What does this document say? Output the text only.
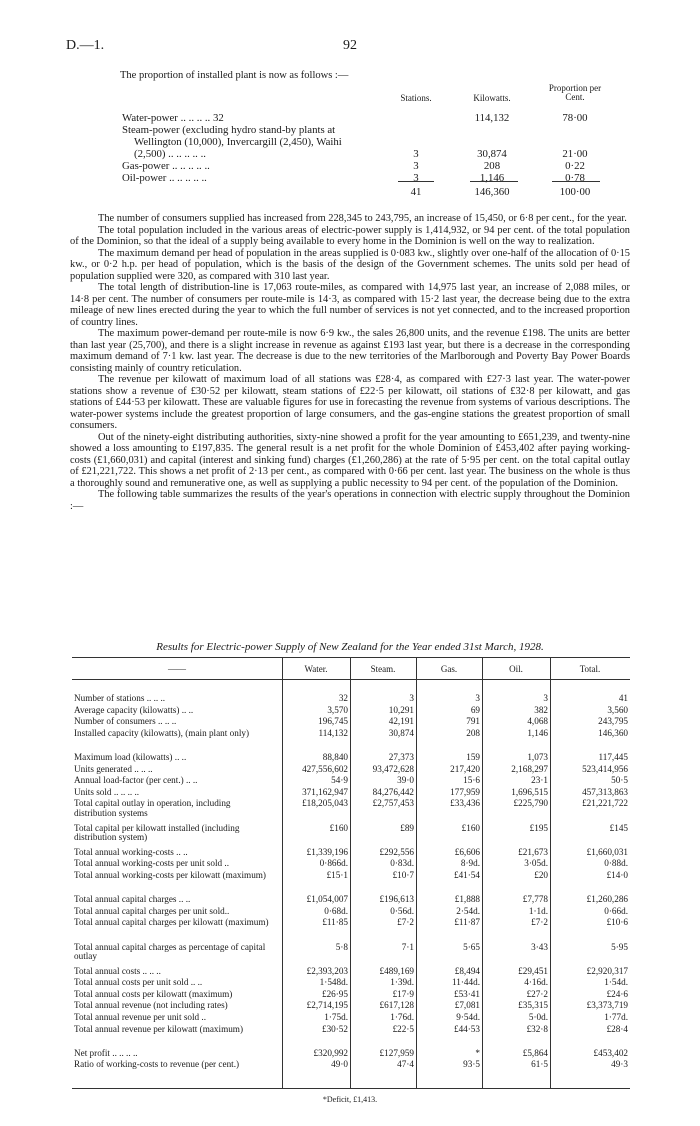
D.—1.	92
The proportion of installed plant is now as follows :—
Stations.	Kilowatts.
Proportion per Cent.
Water-power .. .. .. .. 32	114,132	78·00
Steam-power (excluding hydro stand-by plants at
Wellington (10,000), Invercargill (2,450), Waihi
(2,500) .. .. .. .. ..	3	30,874	21·00
Gas-power .. .. .. .. ..	3	208	0·22
Oil-power .. .. .. .. ..	3	1,146	0·78
41	146,360	100·00

The number of consumers supplied has increased from 228,345 to 243,795, an increase of 15,450, or 6·8 per cent., for the year.

The total population included in the various areas of electric-power supply is 1,414,932, or 94 per cent. of the total population of the Dominion, so that the ideal of a supply being available to every home in the Dominion is well on the way to realization.

The maximum demand per head of population in the areas supplied is 0·083 kw., slightly over one-half of the allocation of 0·15 kw., or 0·2 h.p. per head of population, which is the basis of the design of the Government schemes. The units sold per head of population supplied were 320, as compared with 310 last year.

The total length of distribution-line is 17,063 route-miles, as compared with 14,975 last year, an increase of 2,088 miles, or 14·8 per cent. The number of consumers per route-mile is 14·3, as compared with 15·2 last year, the decrease being due to the extra mileage of new lines erected during the year to which the full number of services is not yet connected, and to the increased proportion of country lines.

The maximum power-demand per route-mile is now 6·9 kw., the sales 26,800 units, and the revenue £198. The units are better than last year (25,700), and there is a slight increase in revenue as against £193 last year, but there is a decrease in the corresponding maximum demand of 7·1 kw. last year. The decrease is due to the new territories of the Marlborough and Poverty Bay Power Boards consisting mainly of country reticulation.

The revenue per kilowatt of maximum load of all stations was £28·4, as compared with £27·3 last year. The water-power stations show a revenue of £30·52 per kilowatt, steam stations of £22·5 per kilowatt, oil stations of £32·8 per kilowatt, and gas stations of £44·53 per kilowatt. These are valuable figures for use in forecasting the revenue from systems of various descriptions. The water-power systems include the greatest proportion of large consumers, and the gas-engine stations the greatest proportion of small consumers.

Out of the ninety-eight distributing authorities, sixty-nine showed a profit for the year amounting to £651,239, and twenty-nine showed a loss amounting to £197,835. The general result is a net profit for the whole Dominion of £453,402 after paying working-costs (£1,660,031) and capital (interest and sinking fund) charges (£1,260,286) at the rate of 5·95 per cent. on the total capital outlay of £21,221,722. This shows a net profit of 2·13 per cent., as compared with 0·66 per cent. last year. The business on the whole is thus a thoroughly sound and remunerative one, as well as supplying a public necessity to 94 per cent. of the population of the Dominion.

The following table summarizes the results of the year's operations in connection with electric supply throughout the Dominion :—

Results for Electric-power Supply of New Zealand for the Year ended 31st March, 1928.
——	Water.	Steam.	Gas.	Oil.	Total.
Number of stations .. .. ..	32	3	3	3	41
Average capacity (kilowatts) .. ..	3,570	10,291	69	382	3,560
Number of consumers .. .. ..	196,745	42,191	791	4,068	243,795
Installed capacity (kilowatts), (main plant only)	114,132	30,874	208	1,146	146,360
Maximum load (kilowatts) .. ..	88,840	27,373	159	1,073	117,445
Units generated .. .. ..	427,556,602	93,472,628	217,420	2,168,297	523,414,956
Annual load-factor (per cent.) .. ..	54·9	39·0	15·6	23·1	50·5
Units sold .. .. .. ..	371,162,947	84,276,442	177,959	1,696,515	457,313,863
Total capital outlay in operation, including distribution systems
£18,205,043	£2,757,453	£33,436	£225,790	£21,221,722
Total capital per kilowatt installed (including distribution system)
£160	£89	£160	£195	£145
Total annual working-costs .. ..	£1,339,196	£292,556	£6,606	£21,673	£1,660,031
Total annual working-costs per unit sold ..	0·866d.	0·83d.	8·9d.	3·05d.	0·88d.
Total annual working-costs per kilowatt (maximum)	£15·1	£10·7	£41·54	£20	£14·0
Total annual capital charges .. ..	£1,054,007	£196,613	£1,888	£7,778	£1,260,286
Total annual capital charges per unit sold..	0·68d.	0·56d.	2·54d.	1·1d.	0·66d.
Total annual capital charges per kilowatt (maximum)	£11·85	£7·2	£11·87	£7·2	£10·6
Total annual capital charges as percentage of capital outlay
5·8	7·1	5·65	3·43	5·95
Total annual costs .. .. ..	£2,393,203	£489,169	£8,494	£29,451	£2,920,317
Total annual costs per unit sold .. ..	1·548d.	1·39d.	11·44d.	4·16d.	1·54d.
Total annual costs per kilowatt (maximum)	£26·95	£17·9	£53·41	£27·2	£24·6
Total annual revenue (not including rates)	£2,714,195	£617,128	£7,081	£35,315	£3,373,719
Total annual revenue per unit sold ..	1·75d.	1·76d.	9·54d.	5·0d.	1·77d.
Total annual revenue per kilowatt (maximum)	£30·52	£22·5	£44·53	£32·8	£28·4
Net profit .. .. .. ..	£320,992	£127,959	*	£5,864	£453,402
Ratio of working-costs to revenue (per cent.)	49·0	47·4	93·5	61·5	49·3
*Deficit, £1,413.
